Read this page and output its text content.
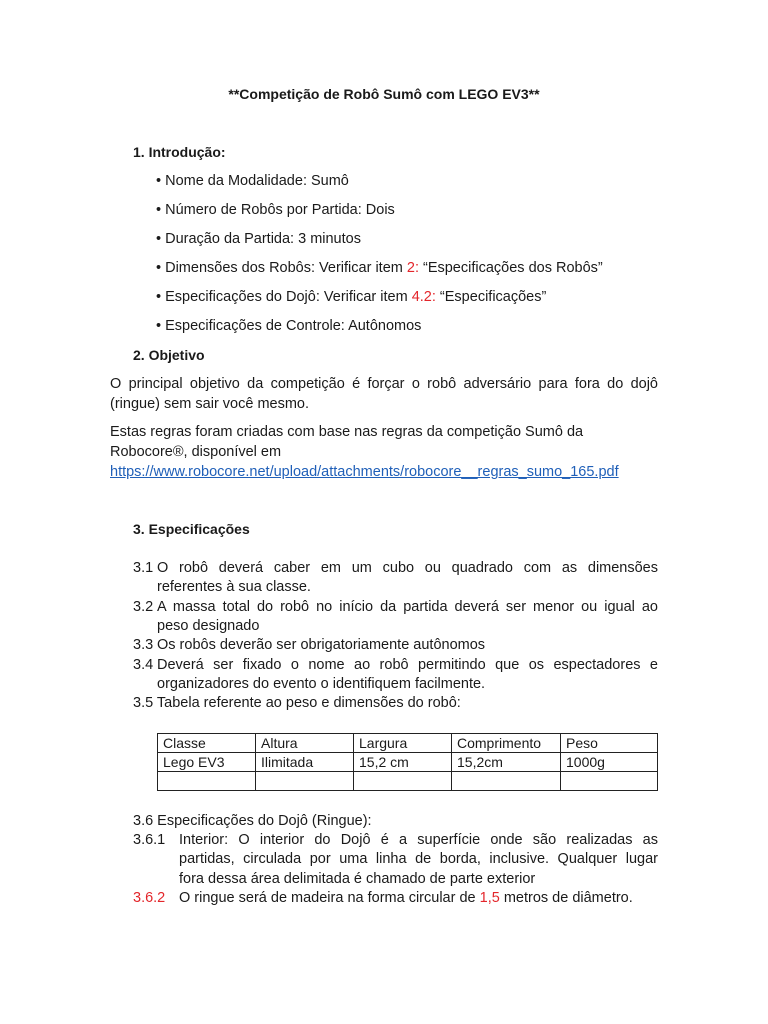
**Competição de Robô Sumô com LEGO EV3**
1. Introdução:
• Nome da Modalidade: Sumô
• Número de Robôs por Partida: Dois
• Duração da Partida: 3 minutos
• Dimensões dos Robôs: Verificar item 2: “Especificações dos Robôs”
• Especificações do Dojô: Verificar item 4.2: “Especificações”
• Especificações de Controle: Autônomos
2. Objetivo
O principal objetivo da competição é forçar o robô adversário para fora do dojô
(ringue) sem sair você mesmo.
Estas regras foram criadas com base nas regras da competição Sumô da
Robocore®, disponível em
https://www.robocore.net/upload/attachments/robocore__regras_sumo_165.pdf
3. Especificações
3.1 O robô deverá caber em um cubo ou quadrado com as dimensões
referentes à sua classe.
3.2 A massa total do robô no início da partida deverá ser menor ou igual ao
peso designado
3.3 Os robôs deverão ser obrigatoriamente autônomos
3.4 Deverá ser fixado o nome ao robô permitindo que os espectadores e
organizadores do evento o identifiquem facilmente.
3.5 Tabela referente ao peso e dimensões do robô:
Classe	Altura	Largura	Comprimento	Peso
Lego EV3	Ilimitada	15,2 cm	15,2cm	1000g

3.6 Especificações do Dojô (Ringue):
3.6.1 Interior: O interior do Dojô é a superfície onde são realizadas as
partidas, circulada por uma linha de borda, inclusive. Qualquer lugar
fora dessa área delimitada é chamado de parte exterior
3.6.2 O ringue será de madeira na forma circular de 1,5 metros de diâmetro.
